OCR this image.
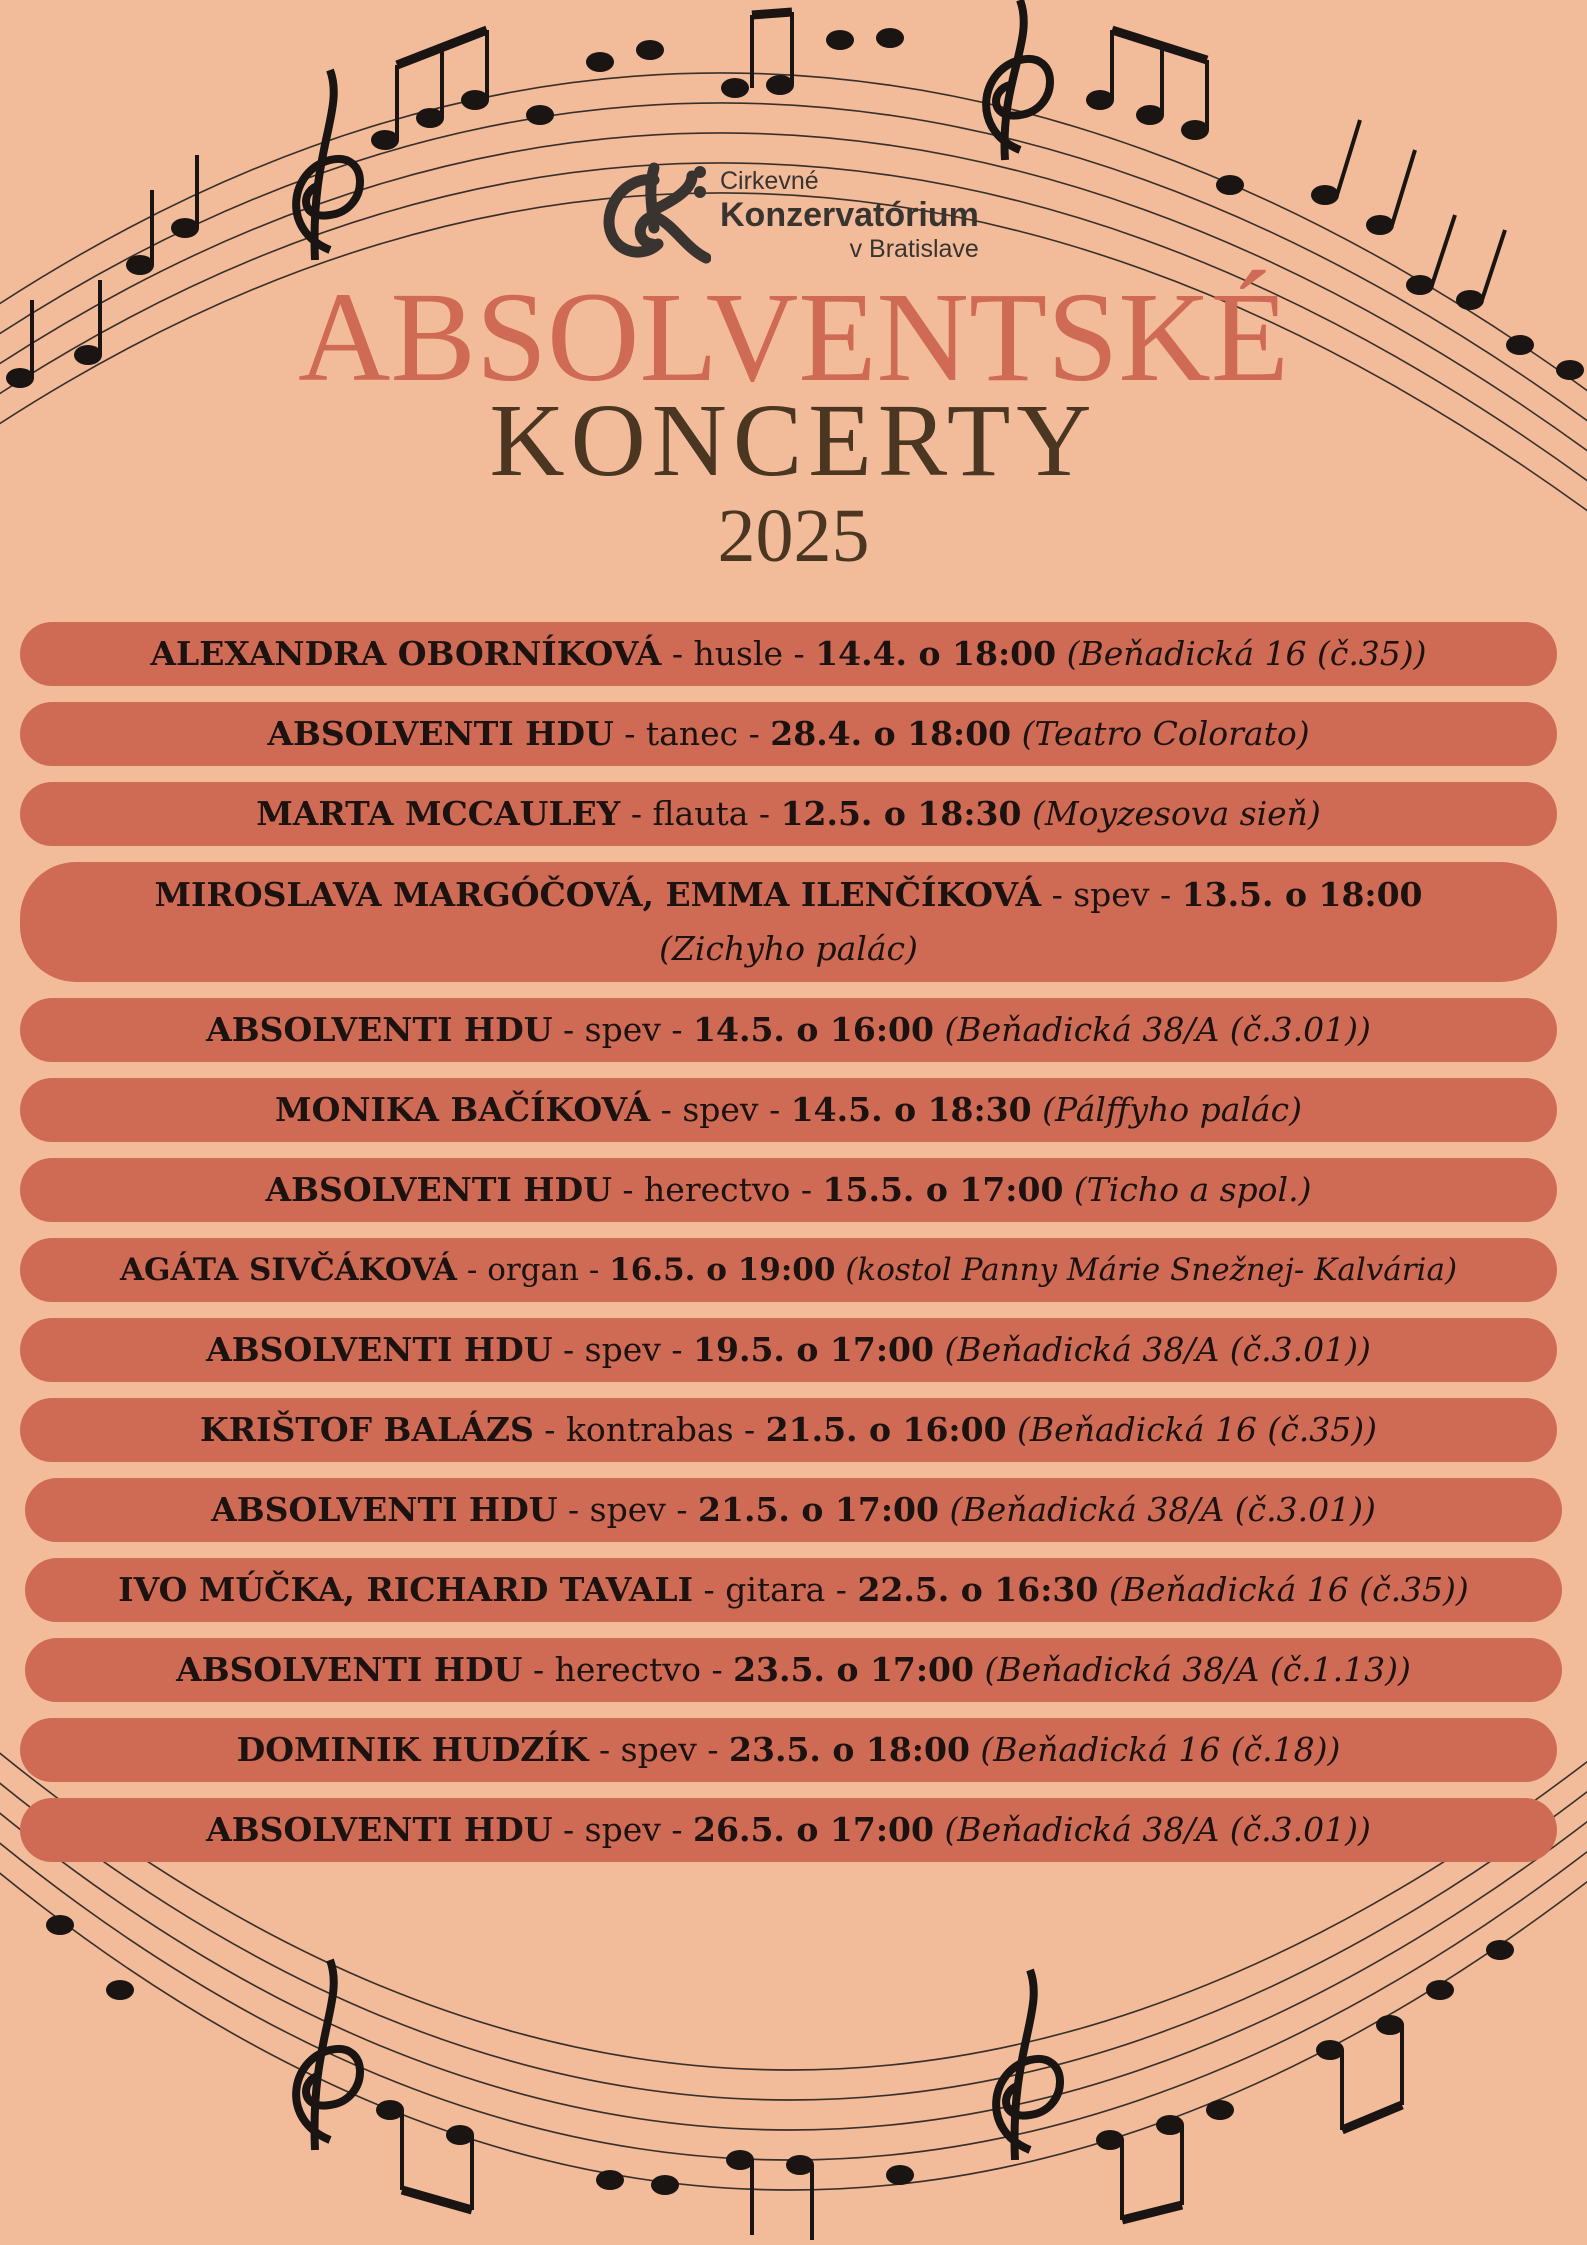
Cirkevné
Konzervatórium
v Bratislave
ABSOLVENTSKÉ
KONCERTY
2025
ALEXANDRA OBORNÍKOVÁ - husle - 14.4. o 18:00 (Beňadická 16 (č.35))
ABSOLVENTI HDU - tanec - 28.4. o 18:00 (Teatro Colorato)
MARTA MCCAULEY - flauta - 12.5. o 18:30 (Moyzesova sieň)
MIROSLAVA MARGÓČOVÁ, EMMA ILENČÍKOVÁ - spev - 13.5. o 18:00
(Zichyho palác)
ABSOLVENTI HDU - spev - 14.5. o 16:00 (Beňadická 38/A (č.3.01))
MONIKA BAČÍKOVÁ - spev - 14.5. o 18:30 (Pálffyho palác)
ABSOLVENTI HDU - herectvo - 15.5. o 17:00 (Ticho a spol.)
AGÁTA SIVČÁKOVÁ - organ - 16.5. o 19:00 (kostol Panny Márie Snežnej- Kalvária)
ABSOLVENTI HDU - spev - 19.5. o 17:00 (Beňadická 38/A (č.3.01))
KRIŠTOF BALÁZS - kontrabas - 21.5. o 16:00 (Beňadická 16 (č.35))
ABSOLVENTI HDU - spev - 21.5. o 17:00 (Beňadická 38/A (č.3.01))
IVO MÚČKA, RICHARD TAVALI - gitara - 22.5. o 16:30 (Beňadická 16 (č.35))
ABSOLVENTI HDU - herectvo - 23.5. o 17:00 (Beňadická 38/A (č.1.13))
DOMINIK HUDZÍK - spev - 23.5. o 18:00 (Beňadická 16 (č.18))
ABSOLVENTI HDU - spev - 26.5. o 17:00 (Beňadická 38/A (č.3.01))
